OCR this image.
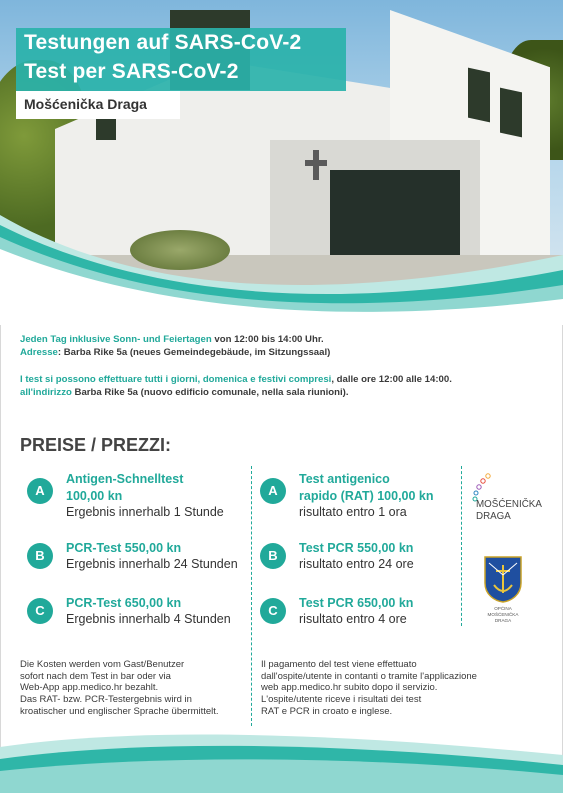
Testungen auf SARS-CoV-2
Test per SARS-CoV-2
Mošćenička Draga
Jeden Tag inklusive Sonn- und Feiertagen von 12:00 bis 14:00 Uhr.
Adresse: Barba Rike 5a (neues Gemeindegebäude, im Sitzungssaal)
I test si possono effettuare tutti i giorni, domenica e festivi compresi, dalle ore 12:00 alle 14:00.
all'indirizzo Barba Rike 5a (nuovo edificio comunale, nella sala riunioni).
PREISE / PREZZI:
A
Antigen-Schnelltest
100,00 kn
Ergebnis innerhalb 1 Stunde
B	PCR-Test 550,00 kn
Ergebnis innerhalb 24 Stunden
C	PCR-Test 650,00 kn
Ergebnis innerhalb 4 Stunden
A
Test antigenico
rapido (RAT) 100,00 kn
risultato entro 1 ora
B	Test PCR 550,00 kn
risultato entro 24 ore
C	Test PCR 650,00 kn
risultato entro 4 ore
MOŠĆENIČKA
DRAGA
OPĆINA
MOŠĆENIČKA DRAGA
Die Kosten werden vom Gast/Benutzer
sofort nach dem Test in bar oder via
Web-App app.medico.hr bezahlt.
Das RAT- bzw. PCR-Testergebnis wird in
kroatischer und englischer Sprache übermittelt.
Il pagamento del test viene effettuato
dall'ospite/utente in contanti o tramite l'applicazione
web app.medico.hr subito dopo il servizio.
L'ospite/utente riceve i risultati dei test
RAT e PCR in croato e inglese.
